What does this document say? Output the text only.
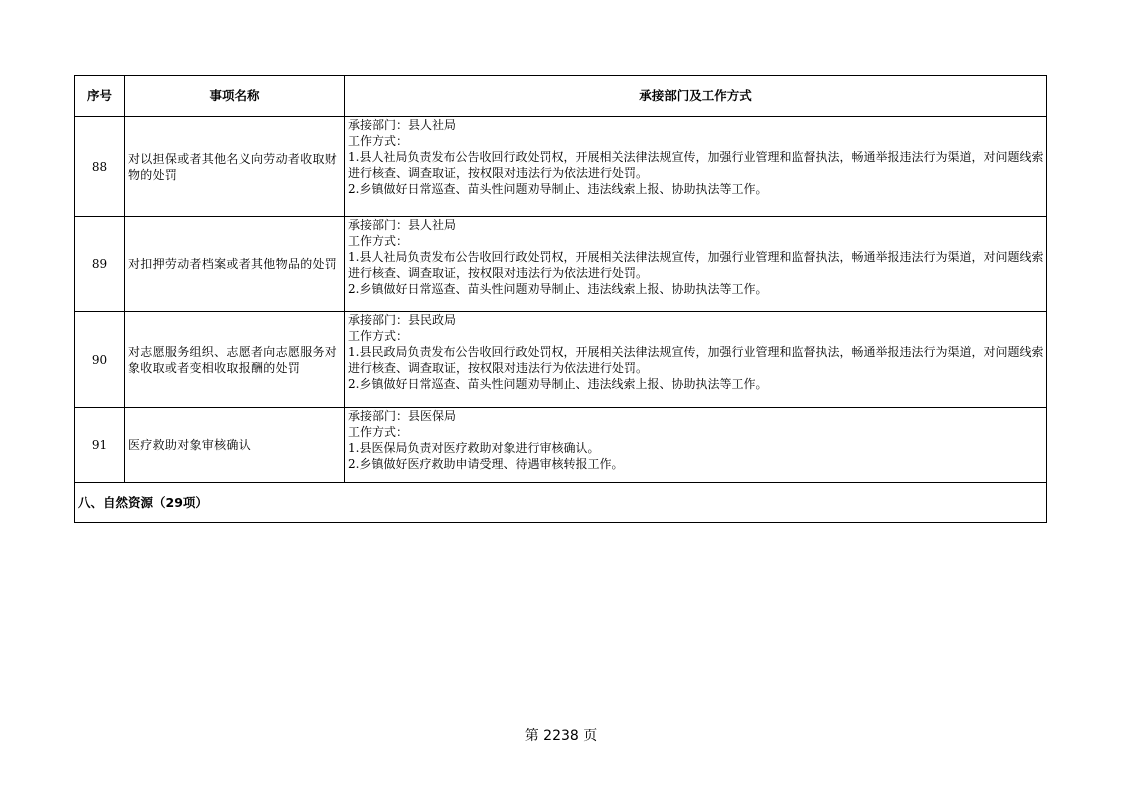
序号	事项名称	承接部门及工作方式
88	对以担保或者其他名义向劳动者收取财物的处罚	承接部门：县人社局
工作方式：
1.县人社局负责发布公告收回行政处罚权，开展相关法律法规宣传，加强行业管理和监督执法，畅通举报违法行为渠道，对问题线索进行核查、调查取证，按权限对违法行为依法进行处罚。
2.乡镇做好日常巡查、苗头性问题劝导制止、违法线索上报、协助执法等工作。

89	对扣押劳动者档案或者其他物品的处罚	承接部门：县人社局
工作方式：
1.县人社局负责发布公告收回行政处罚权，开展相关法律法规宣传，加强行业管理和监督执法，畅通举报违法行为渠道，对问题线索进行核查、调查取证，按权限对违法行为依法进行处罚。
2.乡镇做好日常巡查、苗头性问题劝导制止、违法线索上报、协助执法等工作。

90	对志愿服务组织、志愿者向志愿服务对象收取或者变相收取报酬的处罚	承接部门：县民政局
工作方式：
1.县民政局负责发布公告收回行政处罚权，开展相关法律法规宣传，加强行业管理和监督执法，畅通举报违法行为渠道，对问题线索进行核查、调查取证，按权限对违法行为依法进行处罚。
2.乡镇做好日常巡查、苗头性问题劝导制止、违法线索上报、协助执法等工作。

91	医疗救助对象审核确认	承接部门：县医保局
工作方式：
1.县医保局负责对医疗救助对象进行审核确认。
2.乡镇做好医疗救助申请受理、待遇审核转报工作。

八、自然资源（29项）		
第 2238 页
